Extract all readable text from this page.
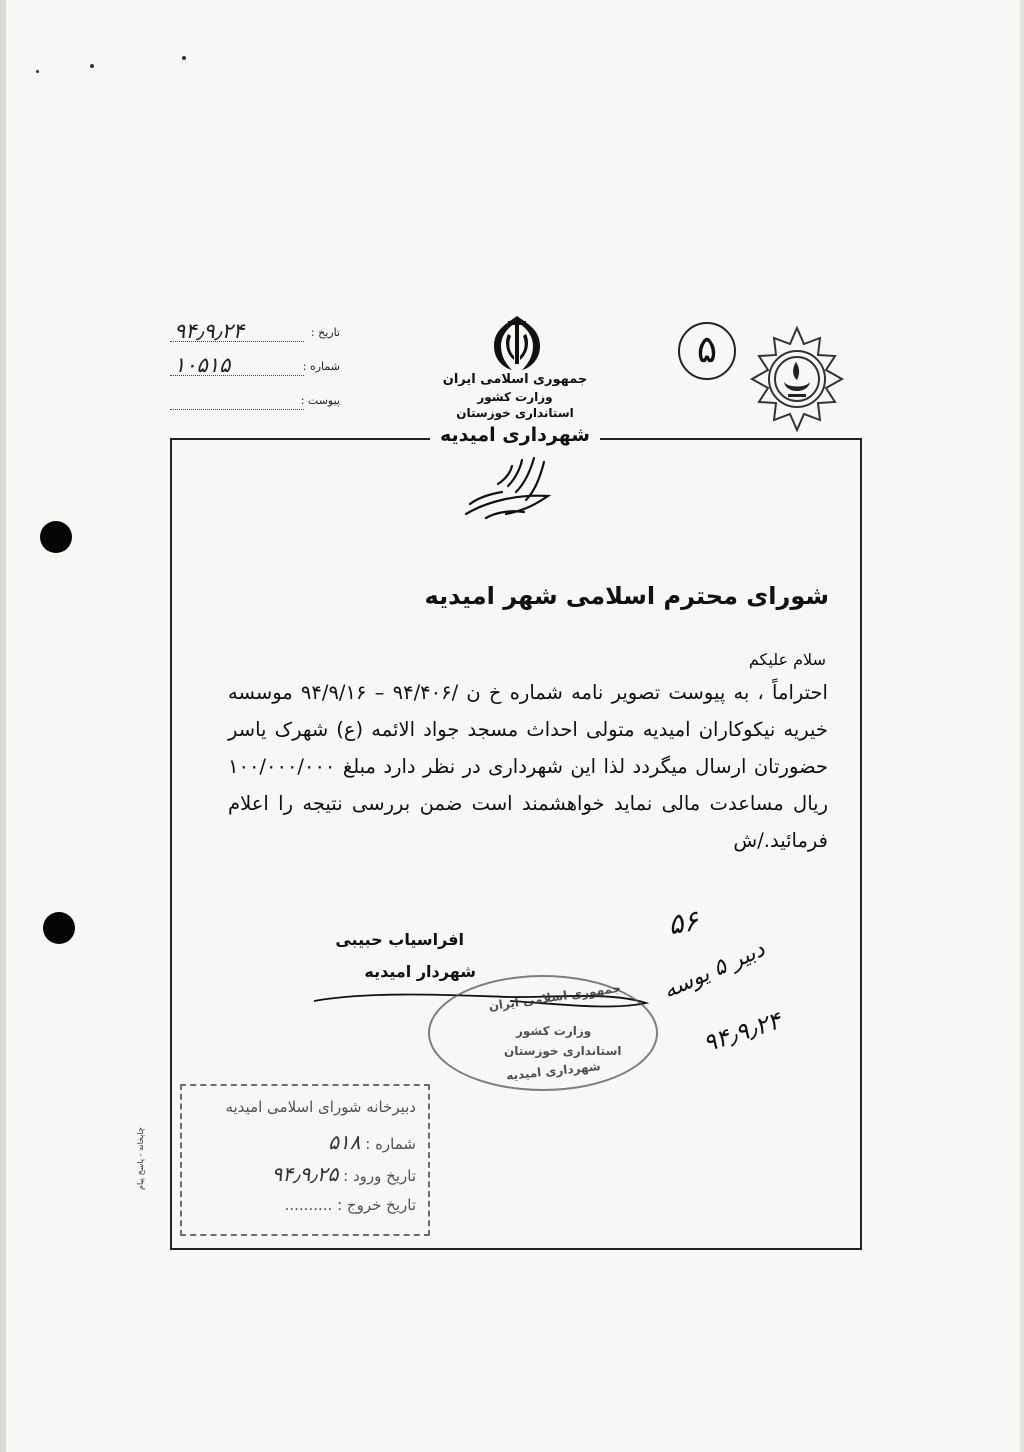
۹۴٫۹٫۲۴	تاریخ :
۱۰۵۱۵	شماره :
پیوست :
جمهوری اسلامی ایران
وزارت کشور
استانداری خوزستان
۵
شهرداری امیدیه
شورای محترم اسلامی شهر امیدیه
سلام علیکم
احتراماً ، به پیوست تصویر نامه شماره خ ن /۹۴/۴۰۶ – ۹۴/۹/۱۶ موسسه خیریه نیکوکاران امیدیه متولی احداث مسجد جواد الائمه (ع) شهرک یاسر حضورتان ارسال میگردد لذا این شهرداری در نظر دارد مبلغ ۱۰۰/۰۰۰/۰۰۰ ریال مساعدت مالی نماید خواهشمند است ضمن بررسی نتیجه را اعلام فرمائید./ش
افراسیاب حبیبی
شهردار امیدیه
جمهوری اسلامی ایران
وزارت کشور
استانداری خوزستان
شهرداری امیدیه
۵۶
دبیر ۵ یوسه
۹۴٫۹٫۲۴
دبیرخانه شورای اسلامی امیدیه
شماره : ۵۱۸
تاریخ ورود : ۹۴٫۹٫۲۵
تاریخ خروج : ..........
چاپخانه - پاسخ پیام
